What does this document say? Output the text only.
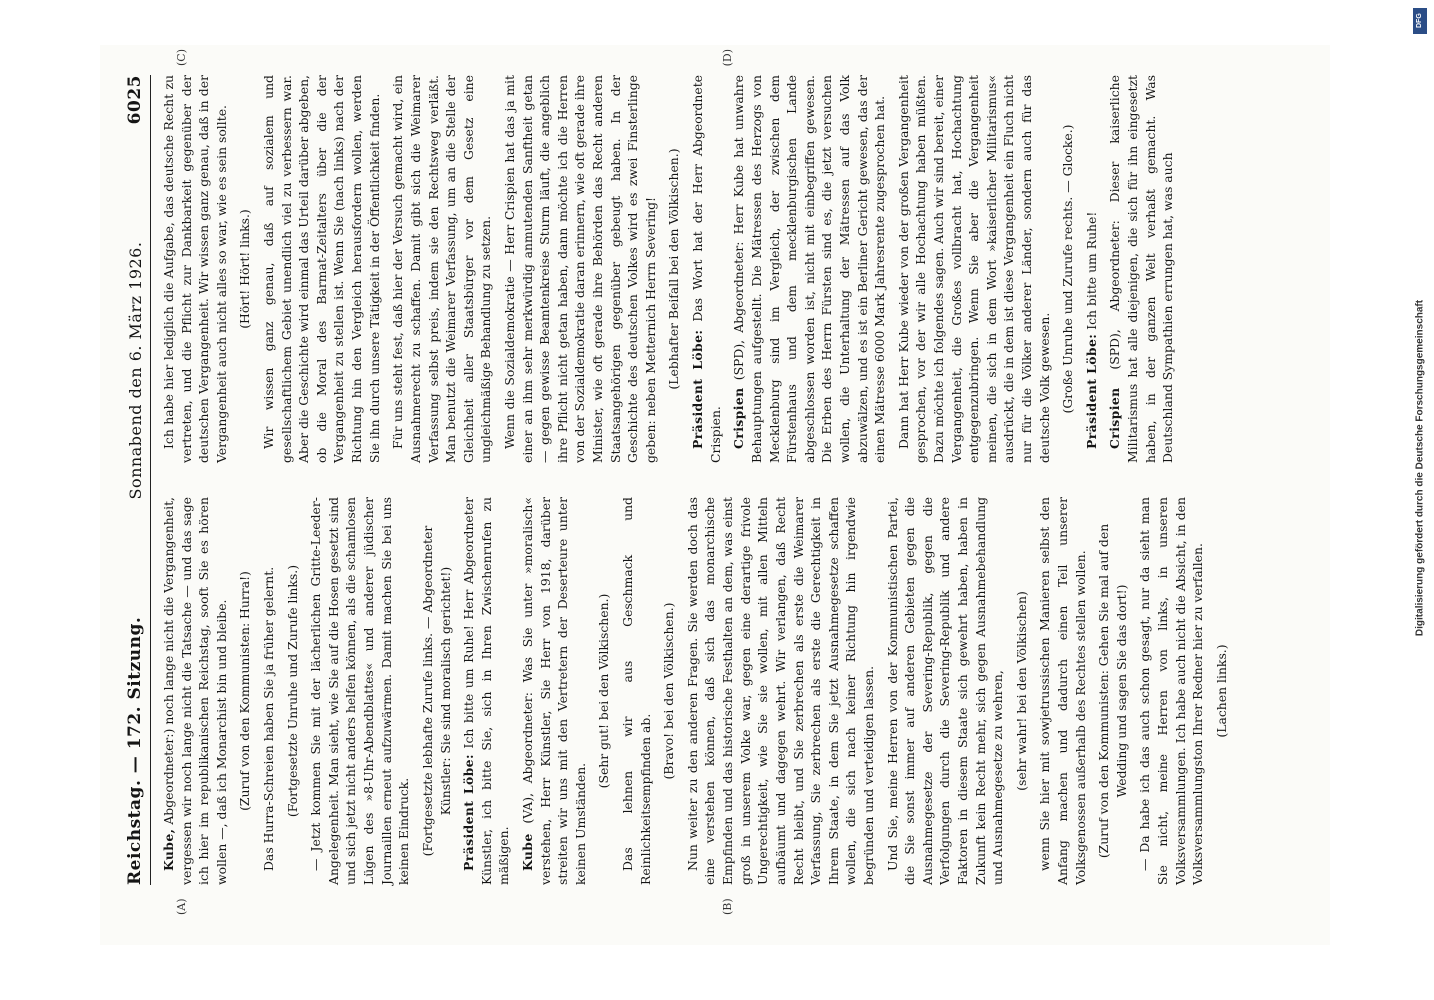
Reichstag. — 172. Sitzung.
Sonnabend den 6. März 1926.
6025
(A)	(B)

Kube, Abgeordneter:) noch lange nicht die Vergangenheit, vergessen wir noch lange nicht die Tatsache — und das sage ich hier im republikanischen Reichstag, sooft Sie es hören wollen —, daß ich Monarchist bin und bleibe. (Zuruf von den Kommunisten: Hurra!) Das Hurra-Schreien haben Sie ja früher gelernt. (Fortgesetzte Unruhe und Zurufe links.) — Jetzt kommen Sie mit der lächerlichen Gritte-Leeder-Angelegenheit. Man sieht, wie Sie auf die Hosen gesetzt sind und sich jetzt nicht anders helfen können, als die schamlosen Lügen des »8-Uhr-Abendblattes« und anderer jüdischer Journaillen erneut aufzuwärmen. Damit machen Sie bei uns keinen Eindruck. (Fortgesetzte lebhafte Zurufe links. — Abgeordneter Künstler: Sie sind moralisch gerichtet!) Präsident Löbe: Ich bitte um Ruhe! Herr Abgeordneter Künstler, ich bitte Sie, sich in Ihren Zwischenrufen zu mäßigen. Kube (VA), Abgeordneter: Was Sie unter »moralisch« verstehen, Herr Künstler, Sie Herr von 1918, darüber streiten wir uns mit den Vertretern der Deserteure unter keinen Umständen.

(Sehr gut! bei den Völkischen.) Das lehnen wir aus Geschmack und Reinlichkeitsempfinden ab.

(Bravo! bei den Völkischen.) Nun weiter zu den anderen Fragen. Sie werden doch das eine verstehen können, daß sich das monarchische Empfinden und das historische Festhalten an dem, was einst groß in unserem Volke war, gegen eine derartige frivole Ungerechtigkeit, wie Sie sie wollen, mit allen Mitteln aufbäumt und dagegen wehrt. Wir verlangen, daß Recht Recht bleibt, und Sie zerbrechen als erste die Weimarer Verfassung, Sie zerbrechen als erste die Gerechtigkeit in Ihrem Staate, in dem Sie jetzt Ausnahmegesetze schaffen wollen, die sich nach keiner Richtung hin irgendwie begründen und verteidigen lassen. Und Sie, meine Herren von der Kommunistischen Partei, die Sie sonst immer auf anderen Gebieten gegen die Ausnahmegesetze der Severing-Republik, gegen die Verfolgungen durch die Severing-Republik und andere Faktoren in diesem Staate sich gewehrt haben, haben in Zukunft kein Recht mehr, sich gegen Ausnahmebehandlung und Ausnahmegesetze zu wehren, (sehr wahr! bei den Völkischen) wenn Sie hier mit sowjetrussischen Manieren selbst den Anfang machen und dadurch einen Teil unserer Volksgenossen außerhalb des Rechtes stellen wollen. (Zuruf von den Kommunisten: Gehen Sie mal auf den Wedding und sagen Sie das dort!) — Da habe ich das auch schon gesagt, nur da sieht man Sie nicht, meine Herren von links, in unseren Volksversammlungen. Ich habe auch nicht die Absicht, in den Volksversammlungston Ihrer Redner hier zu verfallen. (Lachen links.)

(C)	(D)

Ich habe hier lediglich die Aufgabe, das deutsche Recht zu vertreten, und die Pflicht zur Dankbarkeit gegenüber der deutschen Vergangenheit. Wir wissen ganz genau, daß in der Vergangenheit auch nicht alles so war, wie es sein sollte. (Hört! Hört! links.) Wir wissen ganz genau, daß auf sozialem und gesellschaftlichem Gebiet unendlich viel zu verbessern war. Aber die Geschichte wird einmal das Urteil darüber abgeben, ob die Moral des Barmat-Zeitalters über die der Vergangenheit zu stellen ist. Wenn Sie (nach links) nach der Richtung hin den Vergleich herausfordern wollen, werden Sie ihn durch unsere Tätigkeit in der Öffentlichkeit finden. Für uns steht fest, daß hier der Versuch gemacht wird, ein Ausnahmerecht zu schaffen. Damit gibt sich die Weimarer Verfassung selbst preis, indem sie den Rechtsweg verläßt. Man benutzt die Weimarer Verfassung, um an die Stelle der Gleichheit aller Staatsbürger vor dem Gesetz eine ungleichmäßige Behandlung zu setzen. Wenn die Sozialdemokratie — Herr Crispien hat das ja mit einer an ihm sehr merkwürdig anmutenden Sanftheit getan — gegen gewisse Beamtenkreise Sturm läuft, die angeblich ihre Pflicht nicht getan haben, dann möchte ich die Herren von der Sozialdemokratie daran erinnern, wie oft gerade ihre Minister, wie oft gerade ihre Behörden das Recht anderen Staatsangehörigen gegenüber gebeugt haben. In der Geschichte des deutschen Volkes wird es zwei Finsterlinge geben: neben Metternich Herrn Severing! (Lebhafter Beifall bei den Völkischen.) Präsident Löbe: Das Wort hat der Herr Abgeordnete Crispien. Crispien (SPD), Abgeordneter: Herr Kube hat unwahre Behauptungen aufgestellt. Die Mätressen des Herzogs von Mecklenburg sind im Vergleich, der zwischen dem Fürstenhaus und dem mecklenburgischen Lande abgeschlossen worden ist, nicht mit einbegriffen gewesen. Die Erben des Herrn Fürsten sind es, die jetzt versuchen wollen, die Unterhaltung der Mätressen auf das Volk abzuwälzen, und es ist ein Berliner Gericht gewesen, das der einen Mätresse 6000 Mark Jahresrente zugesprochen hat. Dann hat Herr Kube wieder von der großen Vergangenheit gesprochen, vor der wir alle Hochachtung haben müßten. Dazu möchte ich folgendes sagen. Auch wir sind bereit, einer Vergangenheit, die Großes vollbracht hat, Hochachtung entgegenzubringen. Wenn Sie aber die Vergangenheit meinen, die sich in dem Wort »kaiserlicher Militarismus« ausdrückt, die in dem ist diese Vergangenheit ein Fluch nicht nur für die Völker anderer Länder, sondern auch für das deutsche Volk gewesen. (Große Unruhe und Zurufe rechts. — Glocke.) Präsident Löbe: Ich bitte um Ruhe!

Crispien (SPD), Abgeordneter: Dieser kaiserliche Militarismus hat alle diejenigen, die sich für ihn eingesetzt haben, in der ganzen Welt verhaßt gemacht. Was Deutschland Sympathien errungen hat, was auch

DFG
Digitalisierung gefördert durch die Deutsche Forschungsgemeinschaft
